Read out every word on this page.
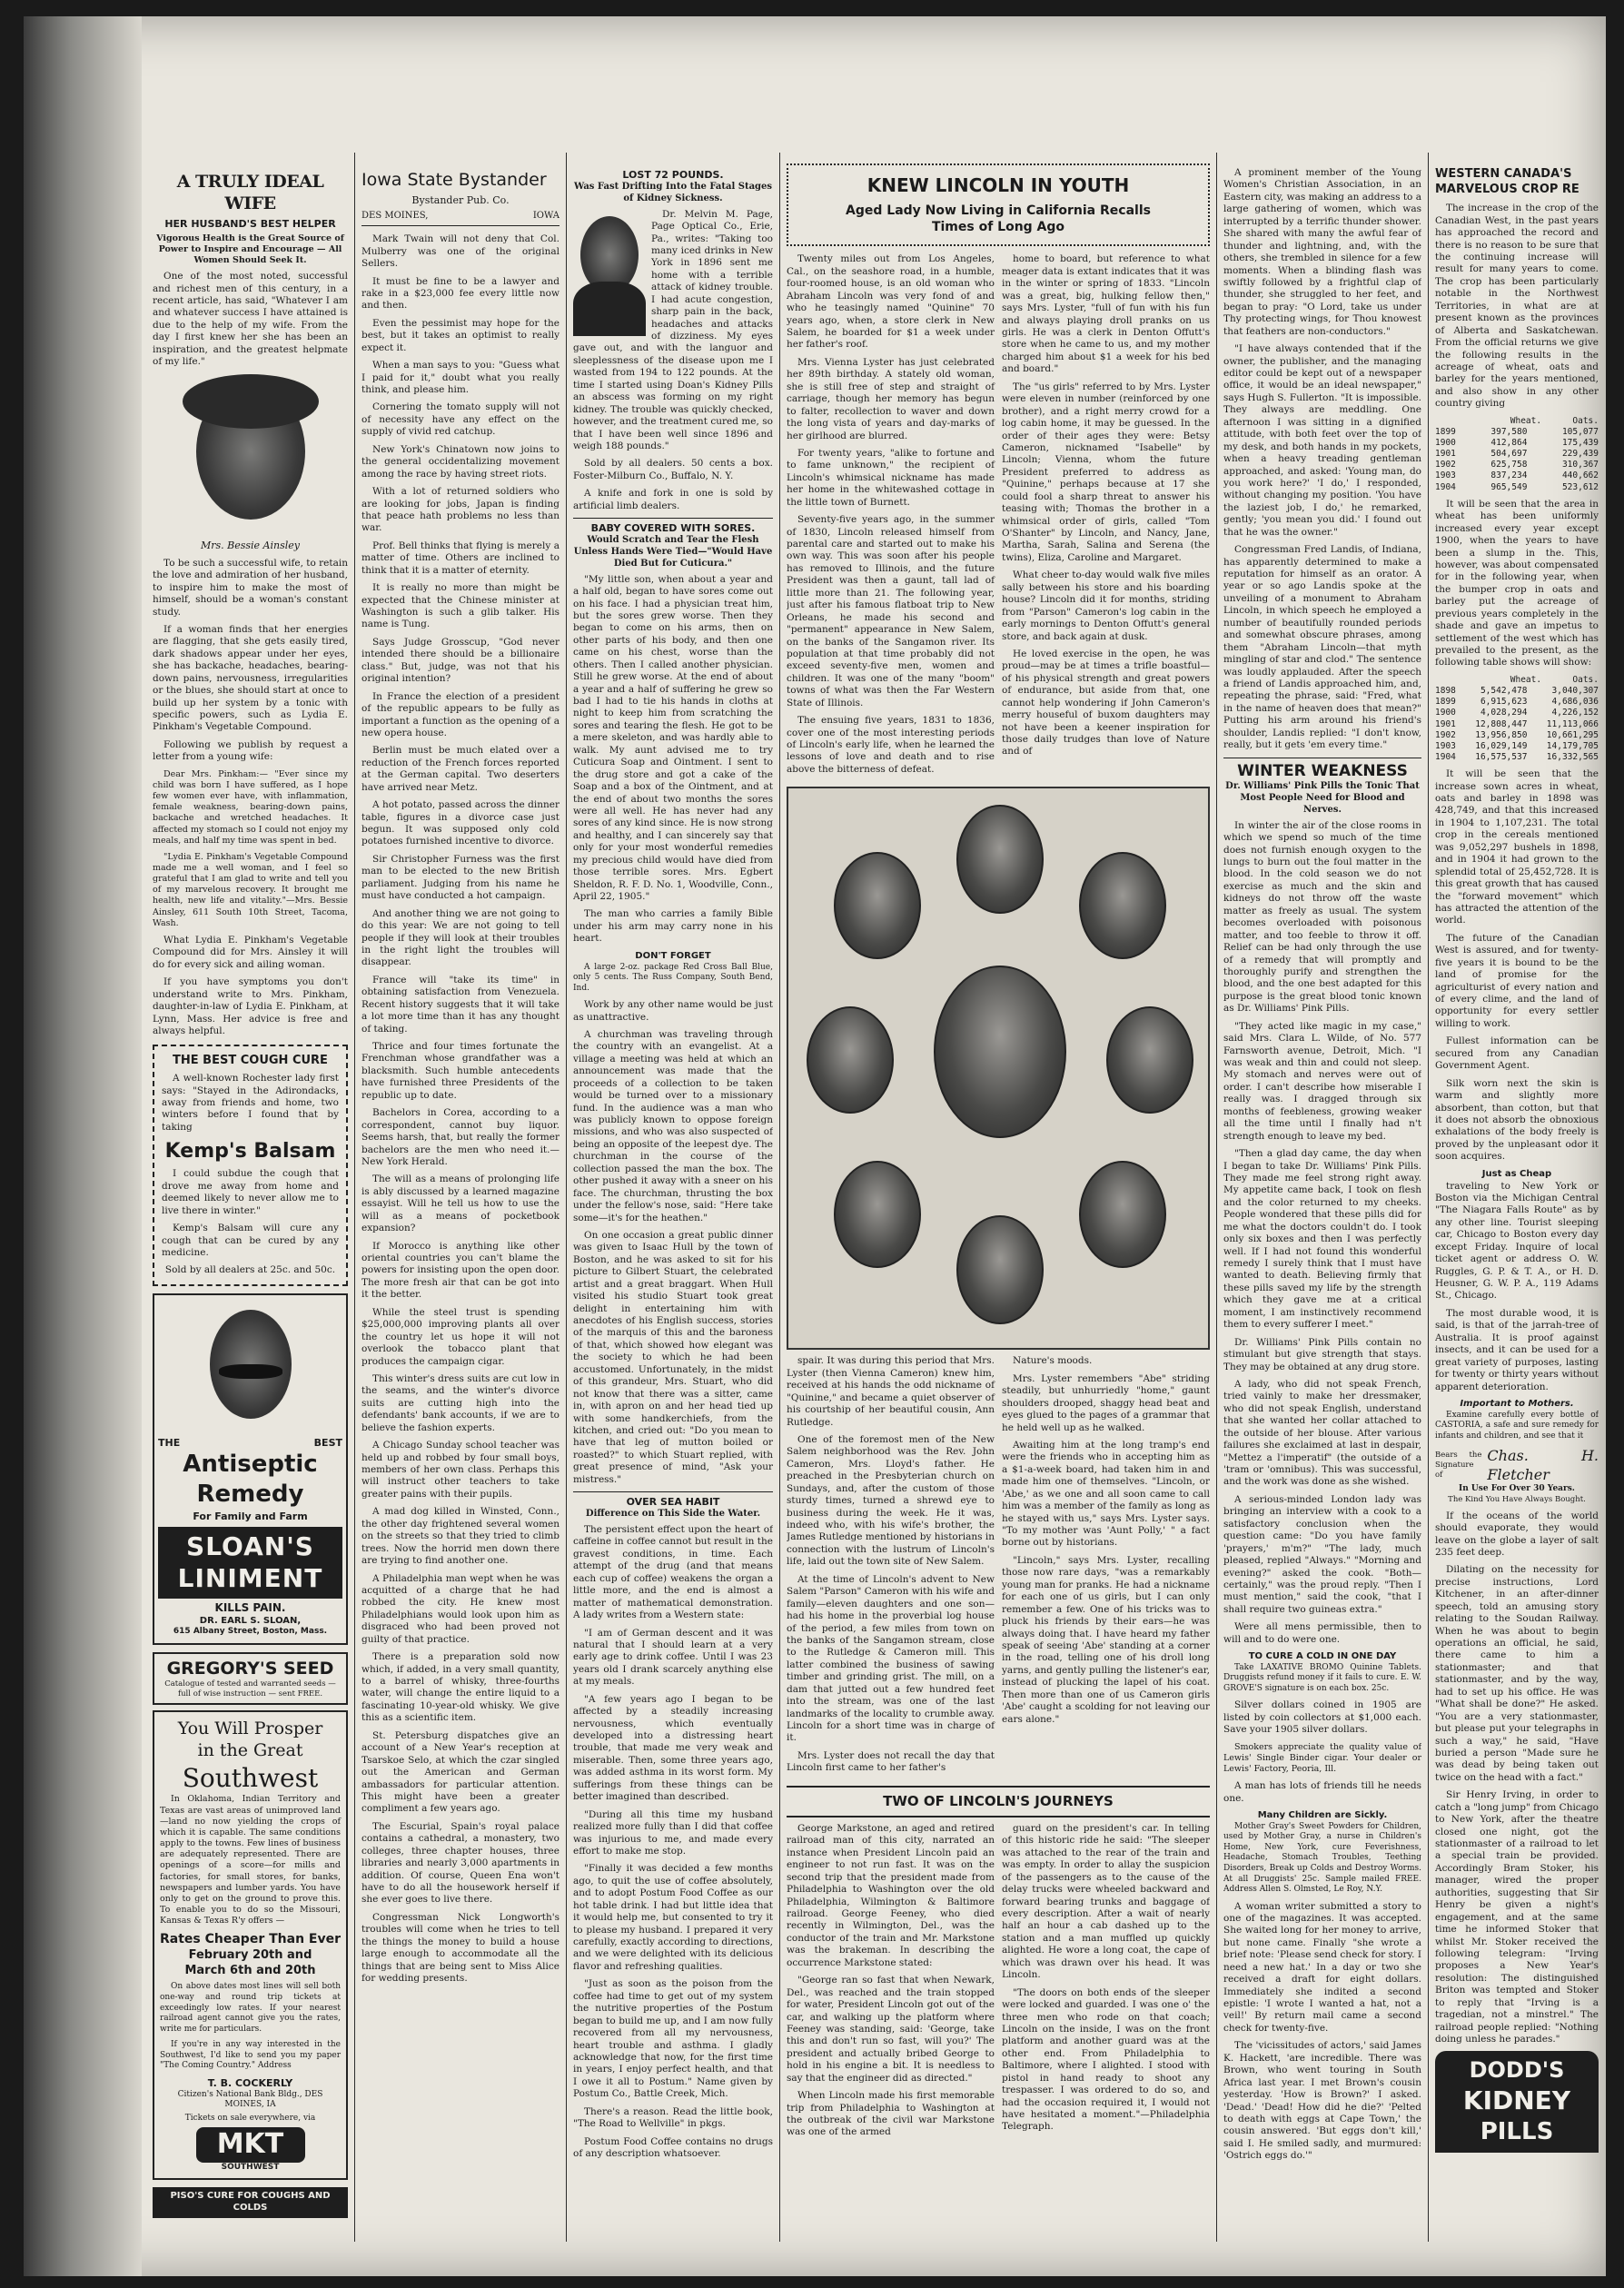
A TRULY IDEAL WIFE
HER HUSBAND'S BEST HELPER
Vigorous Health is the Great Source of Power to Inspire and Encourage — All Women Should Seek It.
One of the most noted, successful and richest men of this century, in a recent article, has said, "Whatever I am and whatever success I have attained is due to the help of my wife. From the day I first knew her she has been an inspiration, and the greatest helpmate of my life."
Mrs. Bessie Ainsley
To be such a successful wife, to retain the love and admiration of her husband, to inspire him to make the most of himself, should be a woman's constant study.
If a woman finds that her energies are flagging, that she gets easily tired, dark shadows appear under her eyes, she has backache, headaches, bearing-down pains, nervousness, irregularities or the blues, she should start at once to build up her system by a tonic with specific powers, such as Lydia E. Pinkham's Vegetable Compound.
Following we publish by request a letter from a young wife:
Dear Mrs. Pinkham:— "Ever since my child was born I have suffered, as I hope few women ever have, with inflammation, female weakness, bearing-down pains, backache and wretched headaches. It affected my stomach so I could not enjoy my meals, and half my time was spent in bed.
"Lydia E. Pinkham's Vegetable Compound made me a well woman, and I feel so grateful that I am glad to write and tell you of my marvelous recovery. It brought me health, new life and vitality."—Mrs. Bessie Ainsley, 611 South 10th Street, Tacoma, Wash.
What Lydia E. Pinkham's Vegetable Compound did for Mrs. Ainsley it will do for every sick and ailing woman.
If you have symptoms you don't understand write to Mrs. Pinkham, daughter-in-law of Lydia E. Pinkham, at Lynn, Mass. Her advice is free and always helpful.
THE BEST COUGH CURE
A well-known Rochester lady first says: "Stayed in the Adirondacks, away from friends and home, two winters before I found that by taking
Kemp's Balsam
I could subdue the cough that drove me away from home and deemed likely to never allow me to live there in winter."
Kemp's Balsam will cure any cough that can be cured by any medicine.
Sold by all dealers at 25c. and 50c.
THE	BEST
Antiseptic
Remedy
For Family and Farm
SLOAN'S
LINIMENT
KILLS PAIN.
DR. EARL S. SLOAN,
615 Albany Street, Boston, Mass.
GREGORY'S SEED
Catalogue of tested and warranted seeds — full of wise instruction — sent FREE.
You Will Prosper
in the Great
Southwest
In Oklahoma, Indian Territory and Texas are vast areas of unimproved land—land no now yielding the crops of which it is capable. The same conditions apply to the towns. Few lines of business are adequately represented. There are openings of a score—for mills and factories, for small stores, for banks, newspapers and lumber yards. You have only to get on the ground to prove this. To enable you to do so the Missouri, Kansas & Texas R'y offers —
Rates Cheaper Than Ever
February 20th and
March 6th and 20th
On above dates most lines will sell both one-way and round trip tickets at exceedingly low rates. If your nearest railroad agent cannot give you the rates, write me for particulars.
If you're in any way interested in the Southwest, I'd like to send you my paper "The Coming Country." Address
T. B. COCKERLY
Citizen's National Bank Bldg., DES MOINES, IA
Tickets on sale everywhere, via
MKT
SOUTHWEST
PISO'S CURE FOR COUGHS AND COLDS
Iowa State Bystander
Bystander Pub. Co.
DES MOINES,	IOWA
Mark Twain will not deny that Col. Mulberry was one of the original Sellers.
It must be fine to be a lawyer and rake in a $23,000 fee every little now and then.
Even the pessimist may hope for the best, but it takes an optimist to really expect it.
When a man says to you: "Guess what I paid for it," doubt what you really think, and please him.
Cornering the tomato supply will not of necessity have any effect on the supply of vivid red catchup.
New York's Chinatown now joins to the general occidentalizing movement among the race by having street riots.
With a lot of returned soldiers who are looking for jobs, Japan is finding that peace hath problems no less than war.
Prof. Bell thinks that flying is merely a matter of time. Others are inclined to think that it is a matter of eternity.
It is really no more than might be expected that the Chinese minister at Washington is such a glib talker. His name is Tung.
Says Judge Grosscup, "God never intended there should be a billionaire class." But, judge, was not that his original intention?
In France the election of a president of the republic appears to be fully as important a function as the opening of a new opera house.
Berlin must be much elated over a reduction of the French forces reported at the German capital. Two deserters have arrived near Metz.
A hot potato, passed across the dinner table, figures in a divorce case just begun. It was supposed only cold potatoes furnished incentive to divorce.
Sir Christopher Furness was the first man to be elected to the new British parliament. Judging from his name he must have conducted a hot campaign.
And another thing we are not going to do this year: We are not going to tell people if they will look at their troubles in the right light the troubles will disappear.
France will "take its time" in obtaining satisfaction from Venezuela. Recent history suggests that it will take a lot more time than it has any thought of taking.
Thrice and four times fortunate the Frenchman whose grandfather was a blacksmith. Such humble antecedents have furnished three Presidents of the republic up to date.
Bachelors in Corea, according to a correspondent, cannot buy liquor. Seems harsh, that, but really the former bachelors are the men who need it.—New York Herald.
The will as a means of prolonging life is ably discussed by a learned magazine essayist. Will he tell us how to use the will as a means of pocketbook expansion?
If Morocco is anything like other oriental countries you can't blame the powers for insisting upon the open door. The more fresh air that can be got into it the better.
While the steel trust is spending $25,000,000 improving plants all over the country let us hope it will not overlook the tobacco plant that produces the campaign cigar.
This winter's dress suits are cut low in the seams, and the winter's divorce suits are cutting high into the defendants' bank accounts, if we are to believe the fashion experts.
A Chicago Sunday school teacher was held up and robbed by four small boys, members of her own class. Perhaps this will instruct other teachers to take greater pains with their pupils.
A mad dog killed in Winsted, Conn., the other day frightened several women on the streets so that they tried to climb trees. Now the horrid men down there are trying to find another one.
A Philadelphia man wept when he was acquitted of a charge that he had robbed the city. He knew most Philadelphians would look upon him as disgraced who had been proved not guilty of that practice.
There is a preparation sold now which, if added, in a very small quantity, to a barrel of whisky, three-fourths water, will change the entire liquid to a fascinating 10-year-old whisky. We give this as a scientific item.
St. Petersburg dispatches give an account of a New Year's reception at Tsarskoe Selo, at which the czar singled out the American and German ambassadors for particular attention. This might have been a greater compliment a few years ago.
The Escurial, Spain's royal palace contains a cathedral, a monastery, two colleges, three chapter houses, three libraries and nearly 3,000 apartments in addition. Of course, Queen Ena won't have to do all the housework herself if she ever goes to live there.
Congressman Nick Longworth's troubles will come when he tries to tell the things the money to build a house large enough to accommodate all the things that are being sent to Miss Alice for wedding presents.
LOST 72 POUNDS.
Was Fast Drifting Into the Fatal Stages of Kidney Sickness.
Dr. Melvin M. Page, Page Optical Co., Erie, Pa., writes: "Taking too many iced drinks in New York in 1896 sent me home with a terrible attack of kidney trouble. I had acute congestion, sharp pain in the back, headaches and attacks of dizziness. My eyes gave out, and with the languor and sleeplessness of the disease upon me I wasted from 194 to 122 pounds. At the time I started using Doan's Kidney Pills an abscess was forming on my right kidney. The trouble was quickly checked, however, and the treatment cured me, so that I have been well since 1896 and weigh 188 pounds."
Sold by all dealers. 50 cents a box. Foster-Milburn Co., Buffalo, N. Y.
A knife and fork in one is sold by artificial limb dealers.
BABY COVERED WITH SORES.
Would Scratch and Tear the Flesh Unless Hands Were Tied—"Would Have Died But for Cuticura."
"My little son, when about a year and a half old, began to have sores come out on his face. I had a physician treat him, but the sores grew worse. Then they began to come on his arms, then on other parts of his body, and then one came on his chest, worse than the others. Then I called another physician. Still he grew worse. At the end of about a year and a half of suffering he grew so bad I had to tie his hands in cloths at night to keep him from scratching the sores and tearing the flesh. He got to be a mere skeleton, and was hardly able to walk. My aunt advised me to try Cuticura Soap and Ointment. I sent to the drug store and got a cake of the Soap and a box of the Ointment, and at the end of about two months the sores were all well. He has never had any sores of any kind since. He is now strong and healthy, and I can sincerely say that only for your most wonderful remedies my precious child would have died from those terrible sores. Mrs. Egbert Sheldon, R. F. D. No. 1, Woodville, Conn., April 22, 1905."
The man who carries a family Bible under his arm may carry none in his heart.
DON'T FORGET
A large 2-oz. package Red Cross Ball Blue, only 5 cents. The Russ Company, South Bend, Ind.
Work by any other name would be just as unattractive.
A churchman was traveling through the country with an evangelist. At a village a meeting was held at which an announcement was made that the proceeds of a collection to be taken would be turned over to a missionary fund. In the audience was a man who was publicly known to oppose foreign missions, and who was also suspected of being an opposite of the leepest dye. The churchman in the course of the collection passed the man the box. The other pushed it away with a sneer on his face. The churchman, thrusting the box under the fellow's nose, said: "Here take some—it's for the heathen."
On one occasion a great public dinner was given to Isaac Hull by the town of Boston, and he was asked to sit for his picture to Gilbert Stuart, the celebrated artist and a great braggart. When Hull visited his studio Stuart took great delight in entertaining him with anecdotes of his English success, stories of the marquis of this and the baroness of that, which showed how elegant was the society to which he had been accustomed. Unfortunately, in the midst of this grandeur, Mrs. Stuart, who did not know that there was a sitter, came in, with apron on and her head tied up with some handkerchiefs, from the kitchen, and cried out: "Do you mean to have that leg of mutton boiled or roasted?" to which Stuart replied, with great presence of mind, "Ask your mistress."
OVER SEA HABIT
Difference on This Side the Water.
The persistent effect upon the heart of caffeine in coffee cannot but result in the gravest conditions, in time. Each attempt of the drug (and that means each cup of coffee) weakens the organ a little more, and the end is almost a matter of mathematical demonstration. A lady writes from a Western state:
"I am of German descent and it was natural that I should learn at a very early age to drink coffee. Until I was 23 years old I drank scarcely anything else at my meals.
"A few years ago I began to be affected by a steadily increasing nervousness, which eventually developed into a distressing heart trouble, that made me very weak and miserable. Then, some three years ago, was added asthma in its worst form. My sufferings from these things can be better imagined than described.
"During all this time my husband realized more fully than I did that coffee was injurious to me, and made every effort to make me stop.
"Finally it was decided a few months ago, to quit the use of coffee absolutely, and to adopt Postum Food Coffee as our hot table drink. I had but little idea that it would help me, but consented to try it to please my husband. I prepared it very carefully, exactly according to directions, and we were delighted with its delicious flavor and refreshing qualities.
"Just as soon as the poison from the coffee had time to get out of my system the nutritive properties of the Postum began to build me up, and I am now fully recovered from all my nervousness, heart trouble and asthma. I gladly acknowledge that now, for the first time in years, I enjoy perfect health, and that I owe it all to Postum." Name given by Postum Co., Battle Creek, Mich.
There's a reason. Read the little book, "The Road to Wellville" in pkgs.
Postum Food Coffee contains no drugs of any description whatsoever.
KNEW LINCOLN IN YOUTH
Aged Lady Now Living in California Recalls
Times of Long Ago
Twenty miles out from Los Angeles, Cal., on the seashore road, in a humble, four-roomed house, is an old woman who Abraham Lincoln was very fond of and who he teasingly named "Quinine" 70 years ago, when, a store clerk in New Salem, he boarded for $1 a week under her father's roof.
Mrs. Vienna Lyster has just celebrated her 89th birthday. A stately old woman, she is still free of step and straight of carriage, though her memory has begun to falter, recollection to waver and down the long vista of years and day-marks of her girlhood are blurred.
For twenty years, "alike to fortune and to fame unknown," the recipient of Lincoln's whimsical nickname has made her home in the whitewashed cottage in the little town of Burnett.
Seventy-five years ago, in the summer of 1830, Lincoln released himself from parental care and started out to make his own way. This was soon after his people has removed to Illinois, and the future President was then a gaunt, tall lad of little more than 21. The following year, just after his famous flatboat trip to New Orleans, he made his second and "permanent" appearance in New Salem, on the banks of the Sangamon river. Its population at that time probably did not exceed seventy-five men, women and children. It was one of the many "boom" towns of what was then the Far Western State of Illinois.
The ensuing five years, 1831 to 1836, cover one of the most interesting periods of Lincoln's early life, when he learned the lessons of love and death and to rise above the bitterness of defeat.
home to board, but reference to what meager data is extant indicates that it was in the winter or spring of 1833. "Lincoln was a great, big, hulking fellow then," says Mrs. Lyster, "full of fun with his fun and always playing droll pranks on us girls. He was a clerk in Denton Offutt's store when he came to us, and my mother charged him about $1 a week for his bed and board."
The "us girls" referred to by Mrs. Lyster were eleven in number (reinforced by one brother), and a right merry crowd for a log cabin home, it may be guessed. In the order of their ages they were: Betsy Cameron, nicknamed "Isabelle" by Lincoln; Vienna, whom the future President preferred to address as "Quinine," perhaps because at 17 she could fool a sharp threat to answer his teasing with; Thomas the brother in a whimsical order of girls, called "Tom O'Shanter" by Lincoln, and Nancy, Jane, Martha, Sarah, Salina and Serena (the twins), Eliza, Caroline and Margaret.
What cheer to-day would walk five miles sally between his store and his boarding house? Lincoln did it for months, striding from "Parson" Cameron's log cabin in the early mornings to Denton Offutt's general store, and back again at dusk.
He loved exercise in the open, he was proud—may be at times a trifle boastful—of his physical strength and great powers of endurance, but aside from that, one cannot help wondering if John Cameron's merry houseful of buxom daughters may not have been a keener inspiration for those daily trudges than love of Nature and of
spair. It was during this period that Mrs. Lyster (then Vienna Cameron) knew him, received at his hands the odd nickname of "Quinine," and became a quiet observer of his courtship of her beautiful cousin, Ann Rutledge.
One of the foremost men of the New Salem neighborhood was the Rev. John Cameron, Mrs. Lloyd's father. He preached in the Presbyterian church on Sundays, and, after the custom of those sturdy times, turned a shrewd eye to business during the week. He it was, indeed who, with his wife's brother, the James Rutledge mentioned by historians in connection with the lustrum of Lincoln's life, laid out the town site of New Salem.
At the time of Lincoln's advent to New Salem "Parson" Cameron with his wife and family—eleven daughters and one son—had his home in the proverbial log house of the period, a few miles from town on the banks of the Sangamon stream, close to the Rutledge & Cameron mill. This latter combined the business of sawing timber and grinding grist. The mill, on a dam that jutted out a few hundred feet into the stream, was one of the last landmarks of the locality to crumble away. Lincoln for a short time was in charge of it.
Mrs. Lyster does not recall the day that Lincoln first came to her father's
Nature's moods.
Mrs. Lyster remembers "Abe" striding steadily, but unhurriedly "home," gaunt shoulders drooped, shaggy head beat and eyes glued to the pages of a grammar that he held well up as he walked.
Awaiting him at the long tramp's end were the friends who in accepting him as a $1-a-week board, had taken him in and made him one of themselves. "Lincoln, or 'Abe,' as we one and all soon came to call him was a member of the family as long as he stayed with us," says Mrs. Lyster says. "To my mother was 'Aunt Polly,' " a fact borne out by historians.
"Lincoln," says Mrs. Lyster, recalling those now rare days, "was a remarkably young man for pranks. He had a nickname for each one of us girls, but I can only remember a few. One of his tricks was to pluck his friends by their ears—he was always doing that. I have heard my father speak of seeing 'Abe' standing at a corner in the road, telling one of his droll long yarns, and gently pulling the listener's ear, instead of plucking the lapel of his coat. Then more than one of us Cameron girls 'Abe' caught a scolding for not leaving our ears alone."
TWO OF LINCOLN'S JOURNEYS
George Markstone, an aged and retired railroad man of this city, narrated an instance when President Lincoln paid an engineer to not run fast. It was on the second trip that the president made from Philadelphia to Washington over the old Philadelphia, Wilmington & Baltimore railroad. George Feeney, who died recently in Wilmington, Del., was the conductor of the train and Mr. Markstone was the brakeman. In describing the occurrence Markstone stated:
"George ran so fast that when Newark, Del., was reached and the train stopped for water, President Lincoln got out of the car, and walking up the platform where Feeney was standing, said: 'George, take this and don't run so fast, will you?' The president and actually bribed George to hold in his engine a bit. It is needless to say that the engineer did as directed."
When Lincoln made his first memorable trip from Philadelphia to Washington at the outbreak of the civil war Markstone was one of the armed
guard on the president's car. In telling of this historic ride he said: "The sleeper was attached to the rear of the train and was empty. In order to allay the suspicion of the passengers as to the cause of the delay trucks were wheeled backward and forward bearing trunks and baggage of every description. After a wait of nearly half an hour a cab dashed up to the station and a man muffled up quickly alighted. He wore a long coat, the cape of which was drawn over his head. It was Lincoln.
"The doors on both ends of the sleeper were locked and guarded. I was one o' the three men who rode on that coach; Lincoln on the inside, I was on the front platform and another guard was at the other end. From Philadelphia to Baltimore, where I alighted. I stood with pistol in hand ready to shoot any trespasser. I was ordered to do so, and had the occasion required it, I would not have hesitated a moment."—Philadelphia Telegraph.
A prominent member of the Young Women's Christian Association, in an Eastern city, was making an address to a large gathering of women, which was interrupted by a terrific thunder shower. She shared with many the awful fear of thunder and lightning, and, with the others, she trembled in silence for a few moments. When a blinding flash was swiftly followed by a frightful clap of thunder, she struggled to her feet, and began to pray: "O Lord, take us under Thy protecting wings, for Thou knowest that feathers are non-conductors."
"I have always contended that if the owner, the publisher, and the managing editor could be kept out of a newspaper office, it would be an ideal newspaper," says Hugh S. Fullerton. "It is impossible. They always are meddling. One afternoon I was sitting in a dignified attitude, with both feet over the top of my desk, and both hands in my pockets, when a heavy treading gentleman approached, and asked: 'Young man, do you work here?' 'I do,' I responded, without changing my position. 'You have the laziest job, I do,' he remarked, gently; 'you mean you did.' I found out that he was the owner."
Congressman Fred Landis, of Indiana, has apparently determined to make a reputation for himself as an orator. A year or so ago Landis spoke at the unveiling of a monument to Abraham Lincoln, in which speech he employed a number of beautifully rounded periods and somewhat obscure phrases, among them "Abraham Lincoln—that myth mingling of star and clod." The sentence was loudly applauded. After the speech a friend of Landis approached him, and, repeating the phrase, said: "Fred, what in the name of heaven does that mean?" Putting his arm around his friend's shoulder, Landis replied: "I don't know, really, but it gets 'em every time."
WINTER WEAKNESS
Dr. Williams' Pink Pills the Tonic That Most People Need for Blood and Nerves.
In winter the air of the close rooms in which we spend so much of the time does not furnish enough oxygen to the lungs to burn out the foul matter in the blood. In the cold season we do not exercise as much and the skin and kidneys do not throw off the waste matter as freely as usual. The system becomes overloaded with poisonous matter, and too feeble to throw it off. Relief can be had only through the use of a remedy that will promptly and thoroughly purify and strengthen the blood, and the one best adapted for this purpose is the great blood tonic known as Dr. Williams' Pink Pills.
"They acted like magic in my case," said Mrs. Clara L. Wilde, of No. 577 Farnsworth avenue, Detroit, Mich. "I was weak and thin and could not sleep. My stomach and nerves were out of order. I can't describe how miserable I really was. I dragged through six months of feebleness, growing weaker all the time until I finally had n't strength enough to leave my bed.
"Then a glad day came, the day when I began to take Dr. Williams' Pink Pills. They made me feel strong right away. My appetite came back, I took on flesh and the color returned to my cheeks. People wondered that these pills did for me what the doctors couldn't do. I took only six boxes and then I was perfectly well. If I had not found this wonderful remedy I surely think that I must have wanted to death. Believing firmly that these pills saved my life by the strength which they gave me at a critical moment, I am instinctively recommend them to every sufferer I meet."
Dr. Williams' Pink Pills contain no stimulant but give strength that stays. They may be obtained at any drug store.
A lady, who did not speak French, tried vainly to make her dressmaker, who did not speak English, understand that she wanted her collar attached to the outside of her blouse. After various failures she exclaimed at last in despair, "Mettez a l'imperatif" (the outside of a 'tram or 'omnibus). This was successful, and the work was done as she wished.
A serious-minded London lady was bringing an interview with a cook to a satisfactory conclusion when the question came: "Do you have family 'prayers,' m'm?" "The lady, much pleased, replied "Always." "Morning and evening?" asked the cook. "Both—certainly," was the proud reply. "Then I must mention," said the cook, "that I shall require two guineas extra."
Were all mens permissible, then to will and to do were one.
TO CURE A COLD IN ONE DAY
Take LAXATIVE BROMO Quinine Tablets. Druggists refund money if it fails to cure. E. W. GROVE'S signature is on each box. 25c.
Silver dollars coined in 1905 are listed by coin collectors at $1,000 each. Save your 1905 silver dollars.
Smokers appreciate the quality value of Lewis' Single Binder cigar. Your dealer or Lewis' Factory, Peoria, Ill.
A man has lots of friends till he needs one.
Many Children are Sickly.
Mother Gray's Sweet Powders for Children, used by Mother Gray, a nurse in Children's Home, New York, cure Feverishness, Headache, Stomach Troubles, Teething Disorders, Break up Colds and Destroy Worms. At all Druggists' 25c. Sample mailed FREE. Address Allen S. Olmsted, Le Roy, N.Y.
A woman writer submitted a story to one of the magazines. It was accepted. She waited long for her money to arrive, but none came. Finally "she wrote a brief note: 'Please send check for story. I need a new hat.' In a day or two she received a draft for eight dollars. Immediately she indited a second epistle: 'I wrote I wanted a hat, not a veil!' By return mail came a second check for twenty-five.
The 'vicissitudes of actors,' said James K. Hackett, 'are incredible. There was Brown, who went touring in South Africa last year. I met Brown's cousin yesterday. 'How is Brown?' I asked. 'Dead.' 'Dead! How did he die?' 'Pelted to death with eggs at Cape Town,' the cousin answered. 'But eggs don't kill,' said I. He smiled sadly, and murmured: 'Ostrich eggs do.'"
WESTERN CANADA'S
MARVELOUS CROP RE
The increase in the crop of the Canadian West, in the past years has approached the record and there is no reason to be sure that the continuing increase will result for many years to come. The crop has been particularly notable in the Northwest Territories, in what are at present known as the provinces of Alberta and Saskatchewan. From the official returns we give the following results in the acreage of wheat, oats and barley for the years mentioned, and also show in any other country giving
Wheat.      Oats.
1899	397,580	105,077
1900	412,864	175,439
1901	504,697	229,439
1902	625,758	310,367
1903	837,234	440,662
1904	965,549	523,612
It will be seen that the area in wheat has been uniformly increased every year except 1900, when the years to have been a slump in the. This, however, was about compensated for in the following year, when the bumper crop in oats and barley put the acreage of previous years completely in the shade and gave an impetus to settlement of the west which has prevailed to the present, as the following table shows will show:
Wheat.      Oats.
1898	5,542,478	3,040,307
1899	6,915,623	4,686,036
1900	4,028,294	4,226,152
1901 12,808,447 11,113,066
1902 13,956,850 10,661,295
1903 16,029,149 14,179,705
1904 16,575,537 16,332,565
It will be seen that the increase sown acres in wheat, oats and barley in 1898 was 428,749, and that this increased in 1904 to 1,107,231. The total crop in the cereals mentioned was 9,052,297 bushels in 1898, and in 1904 it had grown to the splendid total of 25,452,728. It is this great growth that has caused the "forward movement" which has attracted the attention of the world.
The future of the Canadian West is assured, and for twenty-five years it is bound to be the land of promise for the agriculturist of every nation and of every clime, and the land of opportunity for every settler willing to work.
Fullest information can be secured from any Canadian Government Agent.
Silk worn next the skin is warm and slightly more absorbent, than cotton, but that it does not absorb the obnoxious exhalations of the body freely is proved by the unpleasant odor it soon acquires.
Just as Cheap
traveling to New York or Boston via the Michigan Central "The Niagara Falls Route" as by any other line. Tourist sleeping car, Chicago to Boston every day except Friday. Inquire of local ticket agent or address O. W. Ruggles, G. P. & T. A., or H. D. Heusner, G. W. P. A., 119 Adams St., Chicago.
The most durable wood, it is said, is that of the jarrah-tree of Australia. It is proof against insects, and it can be used for a great variety of purposes, lasting for twenty or thirty years without apparent deterioration.
Important to Mothers.
Examine carefully every bottle of CASTORIA, a safe and sure remedy for infants and children, and see that it
Bears the Signature of
Chas. H. Fletcher
In Use For Over 30 Years.
The Kind You Have Always Bought.
If the oceans of the world should evaporate, they would leave on the globe a layer of salt 235 feet deep.
Dilating on the necessity for precise instructions, Lord Kitchener, in an after-dinner speech, told an amusing story relating to the Soudan Railway. When he was about to begin operations an official, he said, there came to him a stationmaster; and that stationmaster, and by the way, had to set up his office. He was "What shall be done?" He asked. "You are a very stationmaster, but please put your telegraphs in such a way," he said, "Have buried a person "Made sure he was dead by being taken out twice on the head with a fact."
Sir Henry Irving, in order to catch a "long jump" from Chicago to New York, after the theatre closed one night, got the stationmaster of a railroad to let a special train be provided. Accordingly Bram Stoker, his manager, wired the proper authorities, suggesting that Sir Henry be given a night's engagement, and at the same time he informed Stoker that whilst Mr. Stoker received the following telegram: "Irving proposes a New Year's resolution: The distinguished Briton was tempted and Stoker to reply that "Irving is a tragedian, not a minstrel." The railroad people replied: "Nothing doing unless he parades."
DODD'S
KIDNEY
PILLS
